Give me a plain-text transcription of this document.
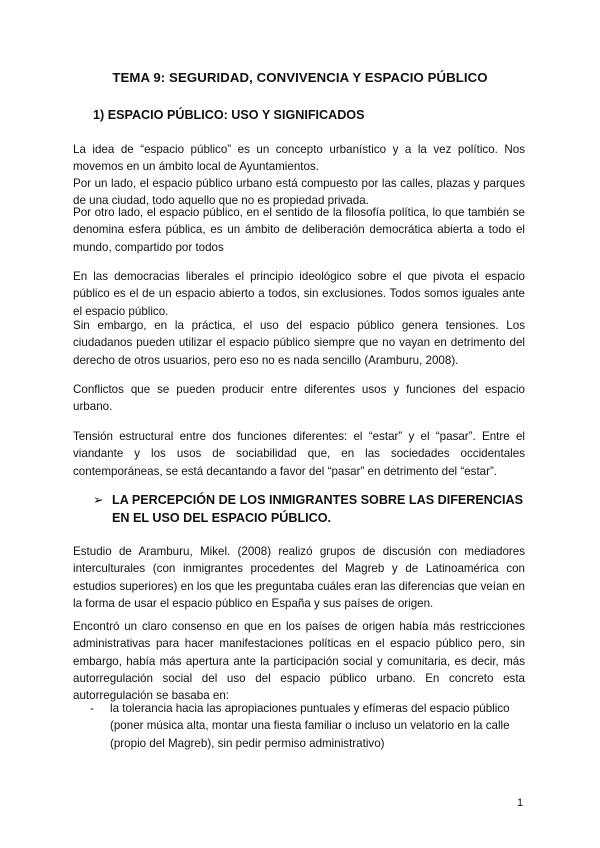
TEMA 9: SEGURIDAD, CONVIVENCIA Y ESPACIO PÚBLICO
1) ESPACIO PÚBLICO: USO Y SIGNIFICADOS

La idea de “espacio público” es un concepto urbanístico y a la vez político. Nos movemos en un ámbito local de Ayuntamientos.

Por un lado, el espacio público urbano está compuesto por las calles, plazas y parques de una ciudad, todo aquello que no es propiedad privada.

Por otro lado, el espacio público, en el sentido de la filosofía política, lo que también se denomina esfera pública, es un ámbito de deliberación democrática abierta a todo el mundo, compartido por todos

En las democracias liberales el principio ideológico sobre el que pivota el espacio público es el de un espacio abierto a todos, sin exclusiones. Todos somos iguales ante el espacio público.

Sin embargo, en la práctica, el uso del espacio público genera tensiones. Los ciudadanos pueden utilizar el espacio público siempre que no vayan en detrimento del derecho de otros usuarios, pero eso no es nada sencillo (Aramburu, 2008).

Conflictos que se pueden producir entre diferentes usos y funciones del espacio urbano.

Tensión estructural entre dos funciones diferentes: el “estar” y el “pasar”. Entre el viandante y los usos de sociabilidad que, en las sociedades occidentales contemporáneas, se está decantando a favor del “pasar” en detrimento del “estar”.

➢ LA PERCEPCIÓN DE LOS INMIGRANTES SOBRE LAS DIFERENCIAS EN EL USO DEL ESPACIO PÚBLICO.

Estudio de Aramburu, Mikel. (2008) realizó grupos de discusión con mediadores interculturales (con inmigrantes procedentes del Magreb y de Latinoamérica con estudios superiores) en los que les preguntaba cuáles eran las diferencias que veían en la forma de usar el espacio público en España y sus países de origen.

Encontró un claro consenso en que en los países de origen había más restricciones administrativas para hacer manifestaciones políticas en el espacio público pero, sin embargo, había más apertura ante la participación social y comunitaria, es decir, más autorregulación social del uso del espacio público urbano. En concreto esta autorregulación se basaba en:

- la tolerancia hacia las apropiaciones puntuales y efímeras del espacio público (poner música alta, montar una fiesta familiar o incluso un velatorio en la calle (propio del Magreb), sin pedir permiso administrativo)
1
